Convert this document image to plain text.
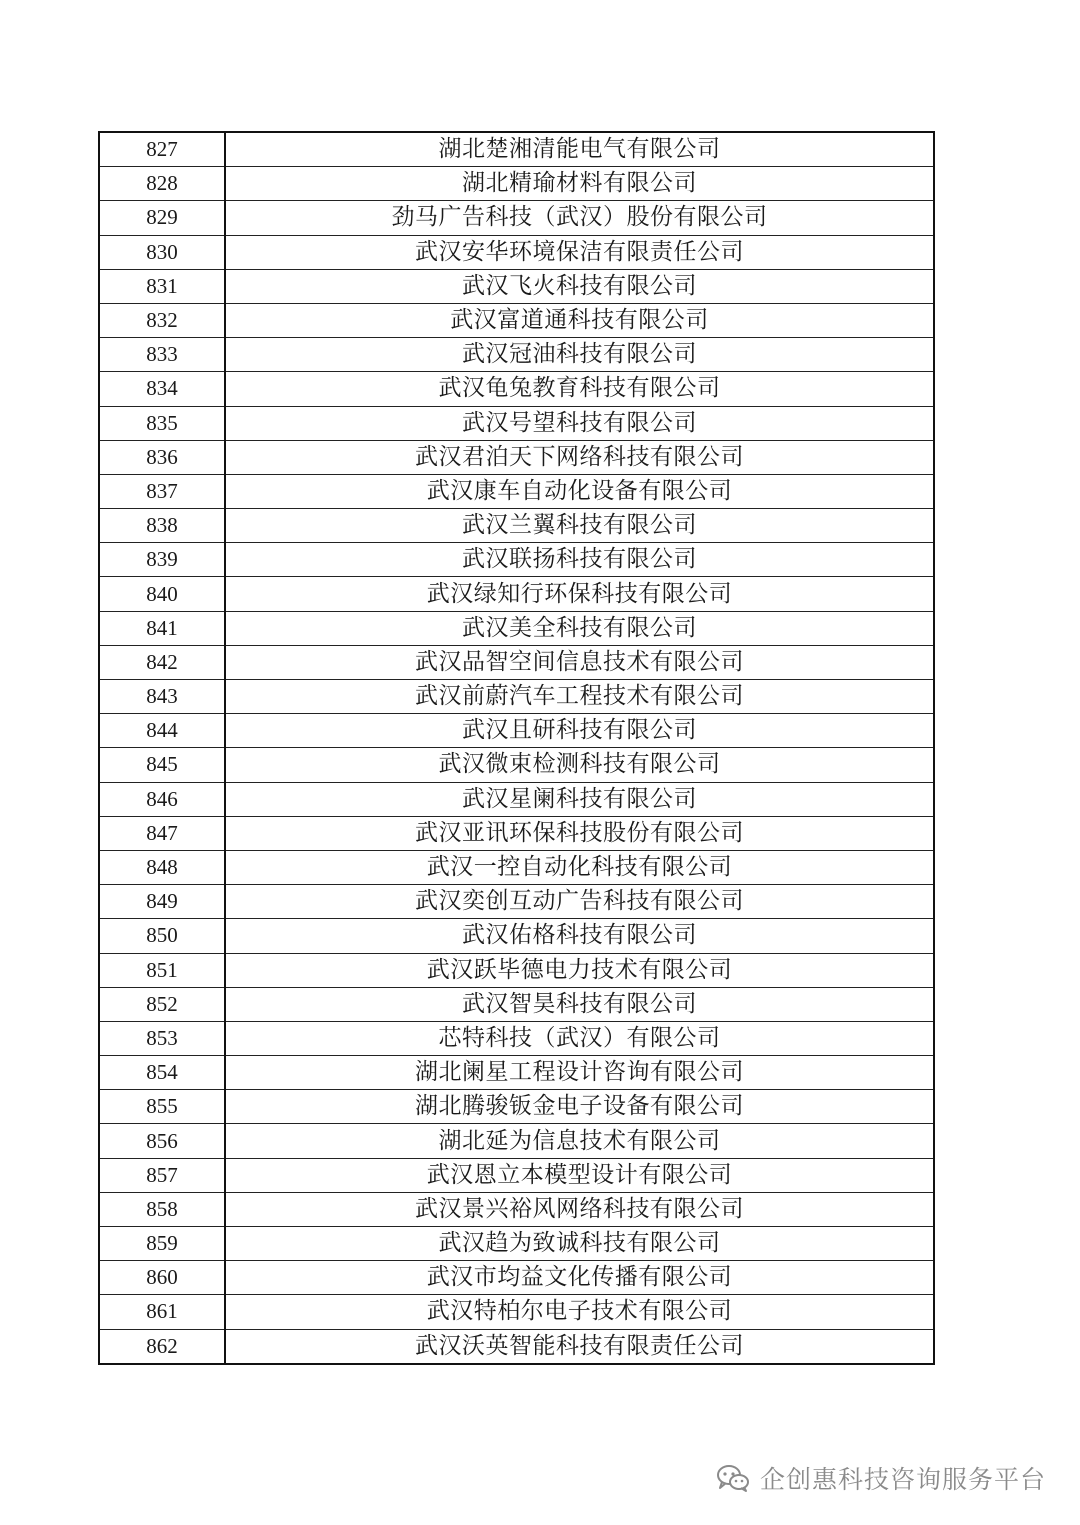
827	湖北楚湘清能电气有限公司
828	湖北精瑜材料有限公司
829	劲马广告科技（武汉）股份有限公司
830	武汉安华环境保洁有限责任公司
831	武汉飞火科技有限公司
832	武汉富道通科技有限公司
833	武汉冠油科技有限公司
834	武汉龟兔教育科技有限公司
835	武汉号望科技有限公司
836	武汉君泊天下网络科技有限公司
837	武汉康车自动化设备有限公司
838	武汉兰翼科技有限公司
839	武汉联扬科技有限公司
840	武汉绿知行环保科技有限公司
841	武汉美全科技有限公司
842	武汉品智空间信息技术有限公司
843	武汉前蔚汽车工程技术有限公司
844	武汉且研科技有限公司
845	武汉微束检测科技有限公司
846	武汉星阑科技有限公司
847	武汉亚讯环保科技股份有限公司
848	武汉一控自动化科技有限公司
849	武汉奕创互动广告科技有限公司
850	武汉佑格科技有限公司
851	武汉跃毕德电力技术有限公司
852	武汉智昊科技有限公司
853	芯特科技（武汉）有限公司
854	湖北阑星工程设计咨询有限公司
855	湖北腾骏钣金电子设备有限公司
856	湖北延为信息技术有限公司
857	武汉恩立本模型设计有限公司
858	武汉景兴裕风网络科技有限公司
859	武汉趋为致诚科技有限公司
860	武汉市均益文化传播有限公司
861	武汉特柏尔电子技术有限公司
862	武汉沃英智能科技有限责任公司
企创惠科技咨询服务平台
